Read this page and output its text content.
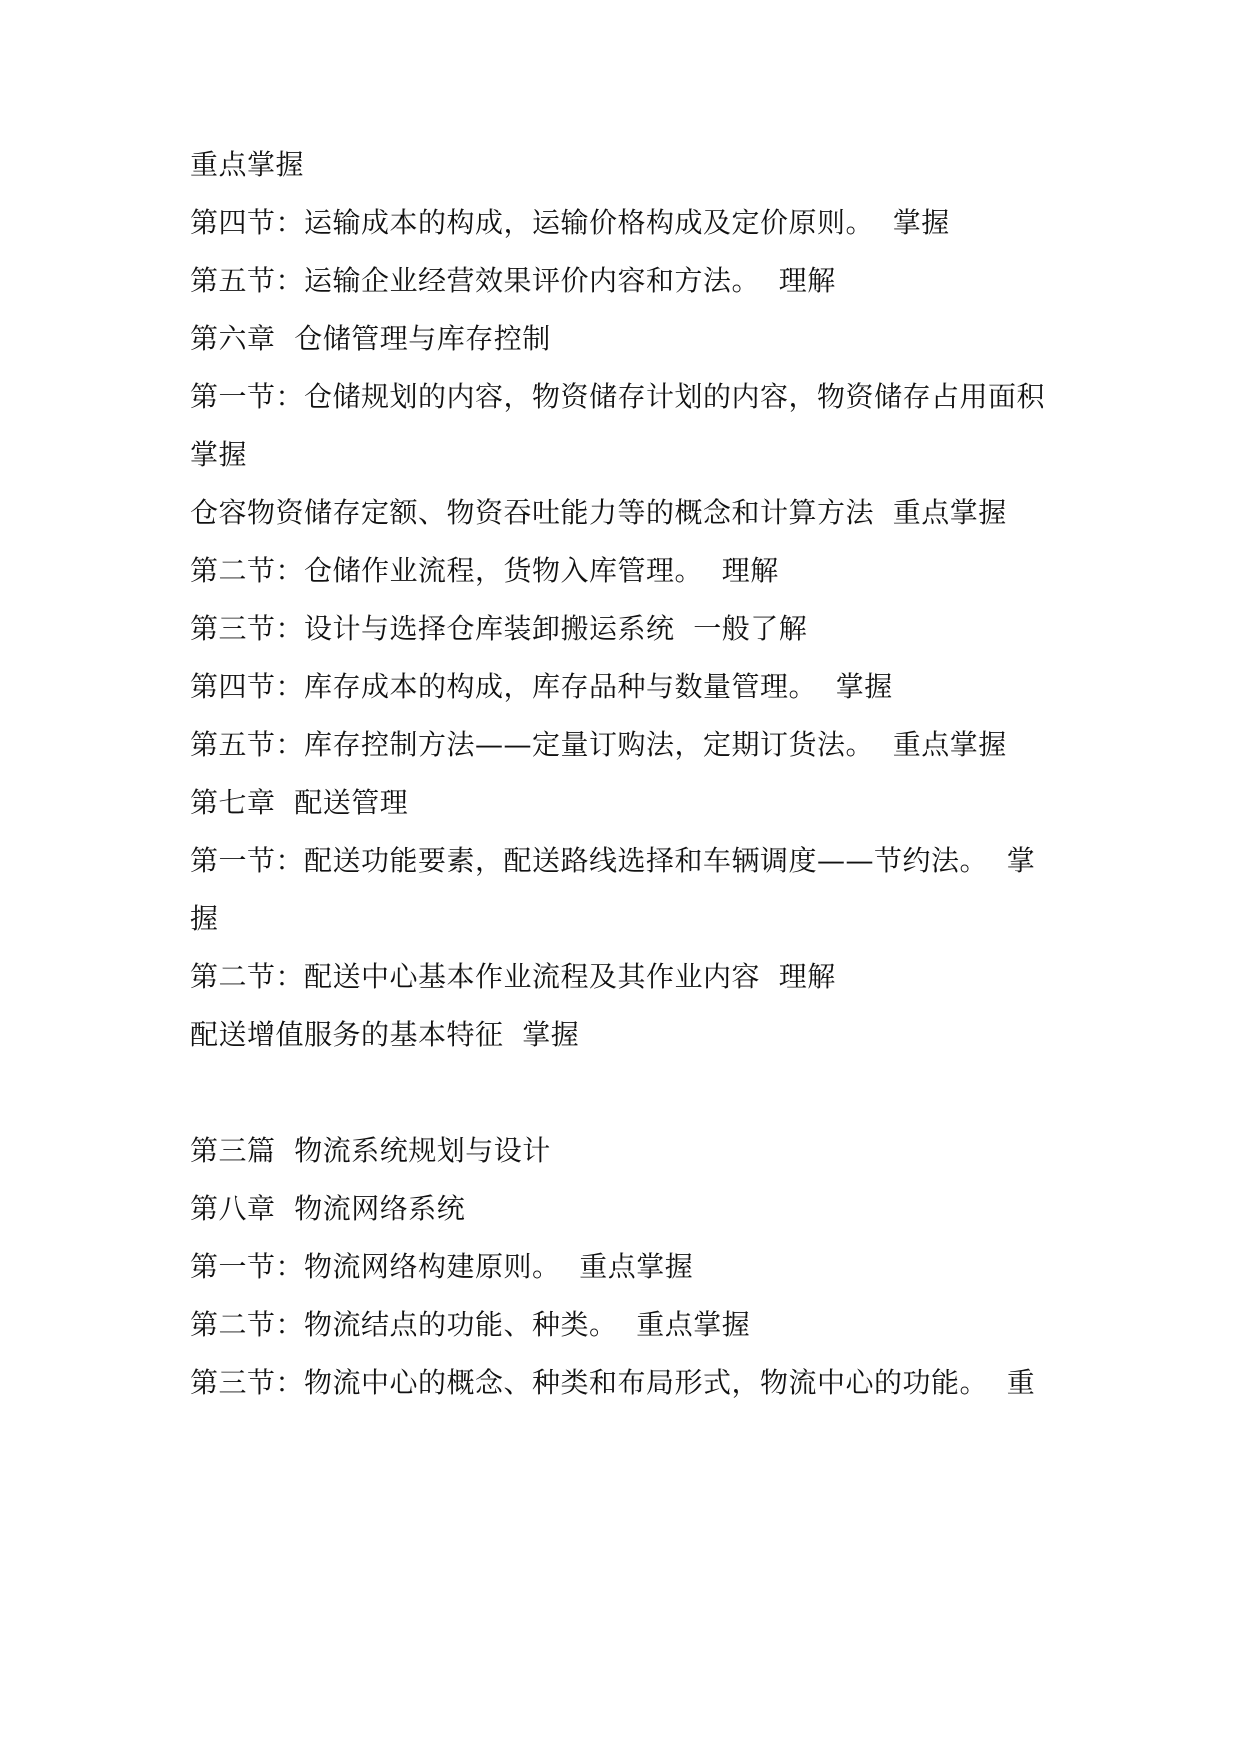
重点掌握
第四节：运输成本的构成，运输价格构成及定价原则。  掌握
第五节：运输企业经营效果评价内容和方法。  理解
第六章  仓储管理与库存控制
第一节：仓储规划的内容，物资储存计划的内容，物资储存占用面积
掌握
仓容物资储存定额、物资吞吐能力等的概念和计算方法  重点掌握
第二节：仓储作业流程，货物入库管理。  理解
第三节：设计与选择仓库装卸搬运系统  一般了解
第四节：库存成本的构成，库存品种与数量管理。  掌握
第五节：库存控制方法——定量订购法，定期订货法。  重点掌握
第七章  配送管理
第一节：配送功能要素，配送路线选择和车辆调度——节约法。  掌
握
第二节：配送中心基本作业流程及其作业内容  理解
配送增值服务的基本特征  掌握
第三篇  物流系统规划与设计
第八章  物流网络系统
第一节：物流网络构建原则。  重点掌握
第二节：物流结点的功能、种类。  重点掌握
第三节：物流中心的概念、种类和布局形式，物流中心的功能。  重
